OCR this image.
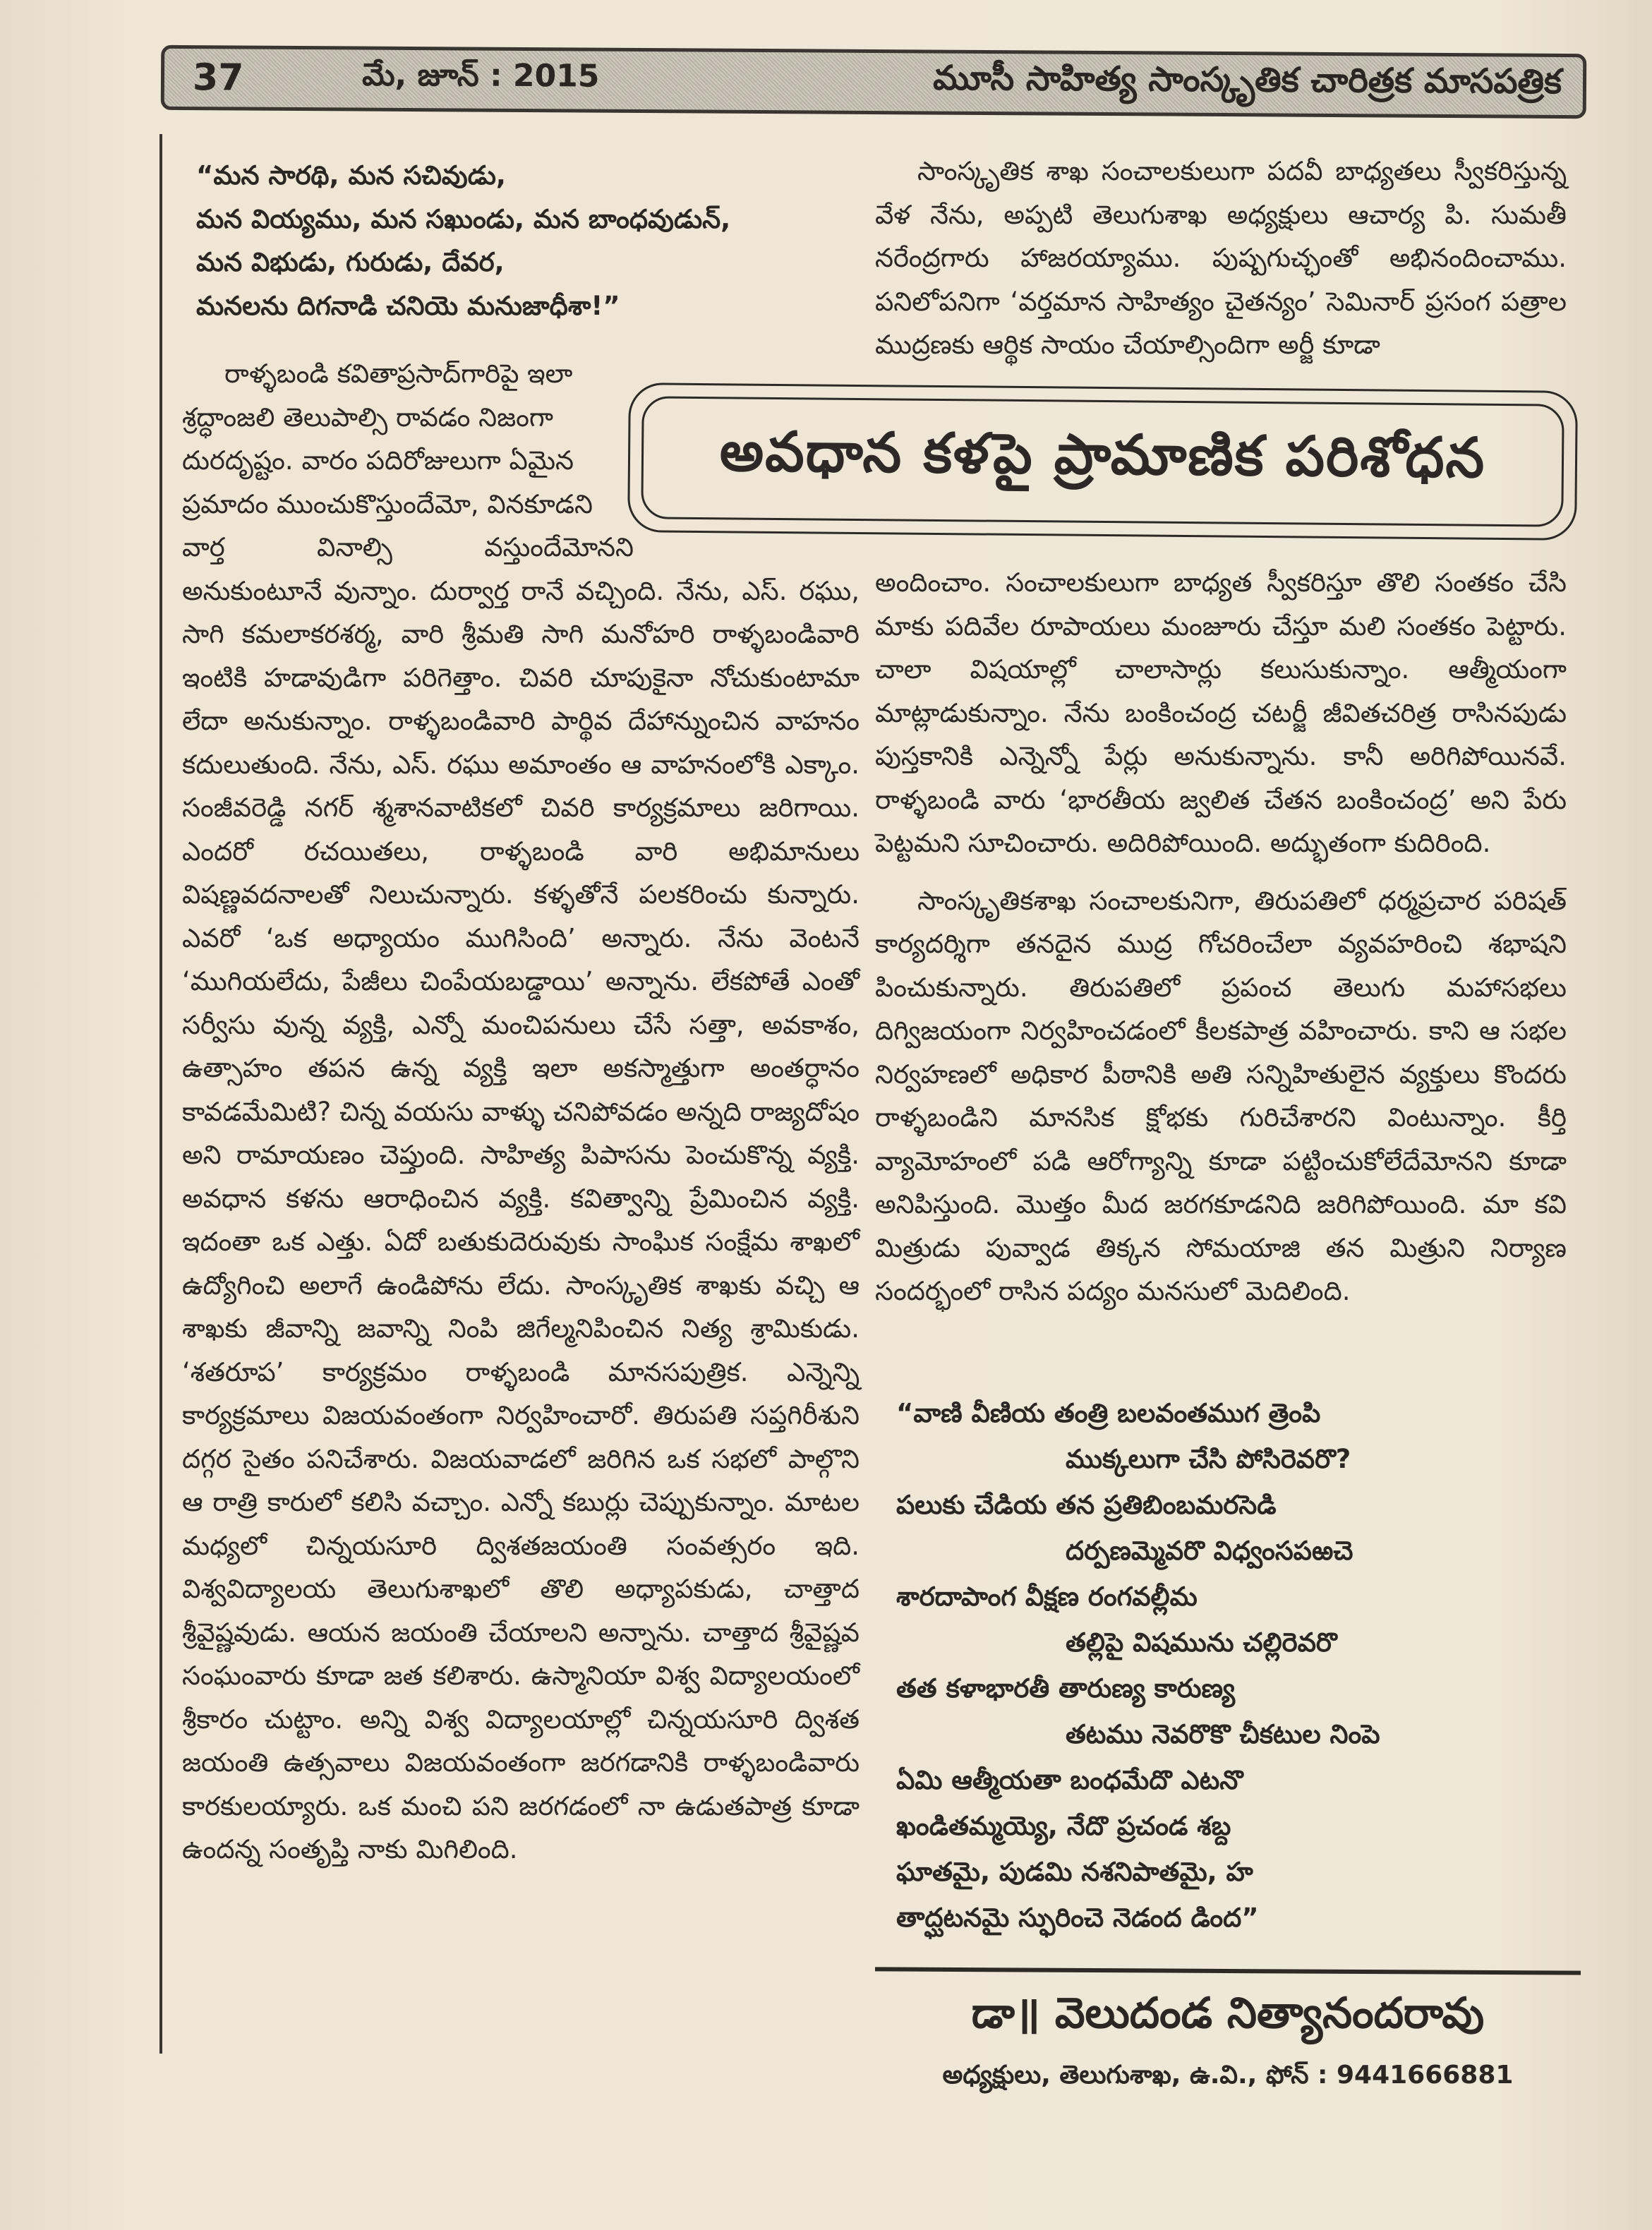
37	మే, జూన్ : 2015	మూసీ సాహిత్య సాంస్కృతిక చారిత్రక మాసపత్రిక

“మన సారథి, మన సచివుడు,

మన వియ్యము, మన సఖుండు, మన బాంధవుడున్,

మన విభుడు, గురుడు, దేవర,

మనలను దిగనాడి చనియె మనుజాధీశా!”

రాళ్ళబండి కవితాప్రసాద్‌గారిపై ఇలా

శ్రద్ధాంజలి తెలుపాల్సి రావడం నిజంగా

దురదృష్టం. వారం పదిరోజులుగా ఏమైన

ప్రమాదం ముంచుకొస్తుందేమో, వినకూడని

వార్త వినాల్సి వస్తుందేమోనని

అనుకుంటూనే వున్నాం. దుర్వార్త రానే వచ్చింది. నేను, ఎస్. రఘు, సాగి కమలాకరశర్మ, వారి శ్రీమతి సాగి మనోహరి రాళ్ళబండివారి ఇంటికి హడావుడిగా పరిగెత్తాం. చివరి చూపుకైనా నోచుకుంటామా లేదా అనుకున్నాం. రాళ్ళబండివారి పార్థివ దేహాన్నుంచిన వాహనం కదులుతుంది. నేను, ఎస్. రఘు అమాంతం ఆ వాహనంలోకి ఎక్కాం. సంజీవరెడ్డి నగర్ శ్మశానవాటికలో చివరి కార్యక్రమాలు జరిగాయి. ఎందరో రచయితలు, రాళ్ళబండి వారి అభిమానులు విషణ్ణవదనాలతో నిలుచున్నారు. కళ్ళతోనే పలకరించు కున్నారు. ఎవరో ‘ఒక అధ్యాయం ముగిసింది’ అన్నారు. నేను వెంటనే ‘ముగియలేదు, పేజీలు చింపేయబడ్డాయి’ అన్నాను. లేకపోతే ఎంతో సర్వీసు వున్న వ్యక్తి, ఎన్నో మంచిపనులు చేసే సత్తా, అవకాశం, ఉత్సాహం తపన ఉన్న వ్యక్తి ఇలా అకస్మాత్తుగా అంతర్ధానం కావడమేమిటి? చిన్న వయసు వాళ్ళు చనిపోవడం అన్నది రాజ్యదోషం అని రామాయణం చెప్తుంది. సాహిత్య పిపాసను పెంచుకొన్న వ్యక్తి. అవధాన కళను ఆరాధించిన వ్యక్తి. కవిత్వాన్ని ప్రేమించిన వ్యక్తి. ఇదంతా ఒక ఎత్తు. ఏదో బతుకుదెరువుకు సాంఘిక సంక్షేమ శాఖలో ఉద్యోగించి అలాగే ఉండిపోను లేదు. సాంస్కృతిక శాఖకు వచ్చి ఆ శాఖకు జీవాన్ని జవాన్ని నింపి జిగేల్మనిపించిన నిత్య శ్రామికుడు. ‘శతరూప’ కార్యక్రమం రాళ్ళబండి మానసపుత్రిక. ఎన్నెన్ని కార్యక్రమాలు విజయవంతంగా నిర్వహించారో. తిరుపతి సప్తగిరీశుని దగ్గర సైతం పనిచేశారు. విజయవాడలో జరిగిన ఒక సభలో పాల్గొని ఆ రాత్రి కారులో కలిసి వచ్చాం. ఎన్నో కబుర్లు చెప్పుకున్నాం. మాటల మధ్యలో చిన్నయసూరి ద్విశతజయంతి సంవత్సరం ఇది. విశ్వవిద్యాలయ తెలుగుశాఖలో తొలి అధ్యాపకుడు, చాత్తాద శ్రీవైష్ణవుడు. ఆయన జయంతి చేయాలని అన్నాను. చాత్తాద శ్రీవైష్ణవ సంఘంవారు కూడా జత కలిశారు. ఉస్మానియా విశ్వ విద్యాలయంలో శ్రీకారం చుట్టాం. అన్ని విశ్వ విద్యాలయాల్లో చిన్నయసూరి ద్విశత జయంతి ఉత్సవాలు విజయవంతంగా జరగడానికి రాళ్ళబండివారు కారకులయ్యారు. ఒక మంచి పని జరగడంలో నా ఉడుతపాత్ర కూడా ఉందన్న సంతృప్తి నాకు మిగిలింది.

అవధాన కళపై ప్రామాణిక పరిశోధన

సాంస్కృతిక శాఖ సంచాలకులుగా పదవీ బాధ్యతలు స్వీకరిస్తున్న వేళ నేను, అప్పటి తెలుగుశాఖ అధ్యక్షులు ఆచార్య పి. సుమతీ నరేంద్రగారు హాజరయ్యాము. పుష్పగుచ్ఛంతో అభినందించాము. పనిలోపనిగా ‘వర్తమాన సాహిత్యం చైతన్యం’ సెమినార్ ప్రసంగ పత్రాల ముద్రణకు ఆర్థిక సాయం చేయాల్సిందిగా అర్జీ కూడా

అందించాం. సంచాలకులుగా బాధ్యత స్వీకరిస్తూ తొలి సంతకం చేసి మాకు పదివేల రూపాయలు మంజూరు చేస్తూ మలి సంతకం పెట్టారు. చాలా విషయాల్లో చాలాసార్లు కలుసుకున్నాం. ఆత్మీయంగా మాట్లాడుకున్నాం. నేను బంకించంద్ర చటర్జీ జీవితచరిత్ర రాసినపుడు పుస్తకానికి ఎన్నెన్నో పేర్లు అనుకున్నాను. కానీ అరిగిపోయినవే. రాళ్ళబండి వారు ‘భారతీయ జ్వలిత చేతన బంకించంద్ర’ అని పేరు పెట్టమని సూచించారు. అదిరిపోయింది. అద్భుతంగా కుదిరింది.

సాంస్కృతికశాఖ సంచాలకునిగా, తిరుపతిలో ధర్మప్రచార పరిషత్ కార్యదర్శిగా తనదైన ముద్ర గోచరించేలా వ్యవహరించి శభాషని పించుకున్నారు. తిరుపతిలో ప్రపంచ తెలుగు మహాసభలు దిగ్విజయంగా నిర్వహించడంలో కీలకపాత్ర వహించారు. కాని ఆ సభల నిర్వహణలో అధికార పీఠానికి అతి సన్నిహితులైన వ్యక్తులు కొందరు రాళ్ళబండిని మానసిక క్షోభకు గురిచేశారని వింటున్నాం. కీర్తి వ్యామోహంలో పడి ఆరోగ్యాన్ని కూడా పట్టించుకోలేదేమోనని కూడా అనిపిస్తుంది. మొత్తం మీద జరగకూడనిది జరిగిపోయింది. మా కవి మిత్రుడు పువ్వాడ తిక్కన సోమయాజి తన మిత్రుని నిర్యాణ సందర్భంలో రాసిన పద్యం మనసులో మెదిలింది.

“వాణి వీణియ తంత్రి బలవంతముగ త్రెంపి

ముక్కలుగా చేసి పోసిరెవరొ?

పలుకు చేడియ తన ప్రతిబింబమరసెడి

దర్పణమ్మెవరొ విధ్వంసపఱచె

శారదాపాంగ వీక్షణ రంగవల్లీమ

తల్లిపై విషమును చల్లిరెవరొ

తత కళాభారతీ తారుణ్య కారుణ్య

తటము నెవరొకొ చీకటుల నింపె

ఏమి ఆత్మీయతా బంధమేదొ ఎటనొ

ఖండితమ్మయ్యె, నేదొ ప్రచండ శబ్ద

ఘాతమై, పుడమి నశనిపాతమై, హ

తాద్ఘటనమై స్ఫురించె నెడంద డింద”

డా॥ వెలుదండ నిత్యానందరావు
అధ్యక్షులు, తెలుగుశాఖ, ఉ.వి., ఫోన్ : 9441666881
